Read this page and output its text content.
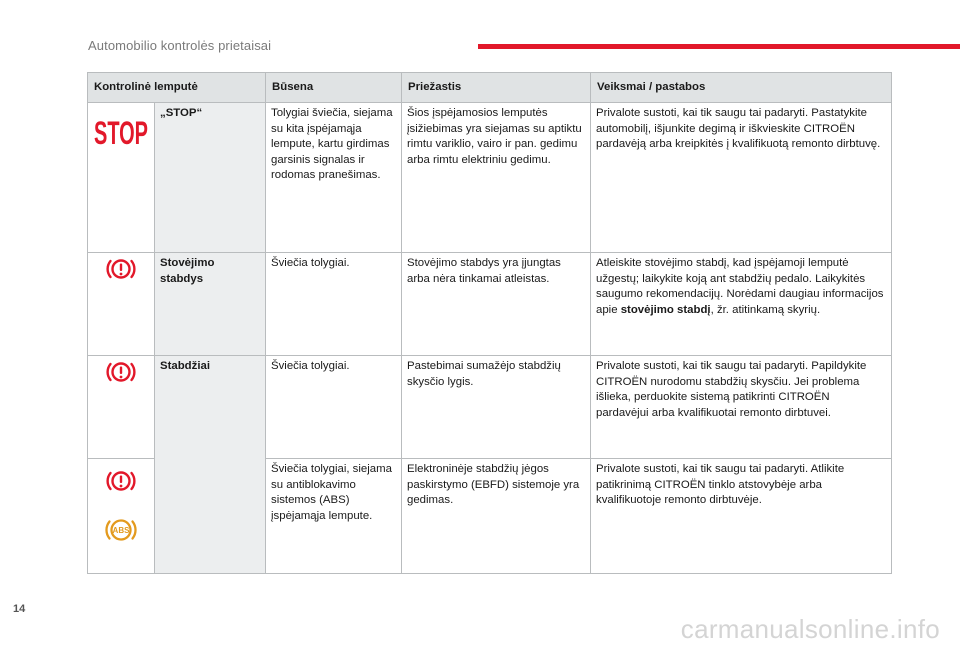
Automobilio kontrolės prietaisai
Kontrolinė lemputė		Būsena	Priežastis	Veiksmai / pastabos

STOP	„STOP“	Tolygiai šviečia, siejama su kita įspėjamąja lempute, kartu girdimas garsinis signalas ir rodomas pranešimas.	Šios įspėjamosios lemputės įsižiebimas yra siejamas su aptiktu rimtu variklio, vairo ir pan. gedimu arba rimtu elektriniu gedimu.	Privalote sustoti, kai tik saugu tai padaryti. Pastatykite automobilį, išjunkite degimą ir iškvieskite CITROËN pardavėją arba kreipkitės į kvalifikuotą remonto dirbtuvę.

	Stovėjimo stabdys	Šviečia tolygiai.	Stovėjimo stabdys yra įjungtas arba nėra tinkamai atleistas.	Atleiskite stovėjimo stabdį, kad įspėjamoji lemputė užgestų; laikykite koją ant stabdžių pedalo. Laikykitės saugumo rekomendacijų. Norėdami daugiau informacijos apie stovėjimo stabdį, žr. atitinkamą skyrių.

	Stabdžiai	Šviečia tolygiai.	Pastebimai sumažėjo stabdžių skysčio lygis.	Privalote sustoti, kai tik saugu tai padaryti. Papildykite CITROËN nurodomu stabdžių skysčiu. Jei problema išlieka, perduokite sistemą patikrinti CITROËN pardavėjui arba kvalifikuotai remonto dirbtuvei.

ABS		Šviečia tolygiai, siejama su antiblokavimo sistemos (ABS) įspėjamąja lempute.	Elektroninėje stabdžių jėgos paskirstymo (EBFD) sistemoje yra gedimas.	Privalote sustoti, kai tik saugu tai padaryti. Atlikite patikrinimą CITROËN tinklo atstovybėje arba kvalifikuotoje remonto dirbtuvėje.
14
carmanualsonline.info
